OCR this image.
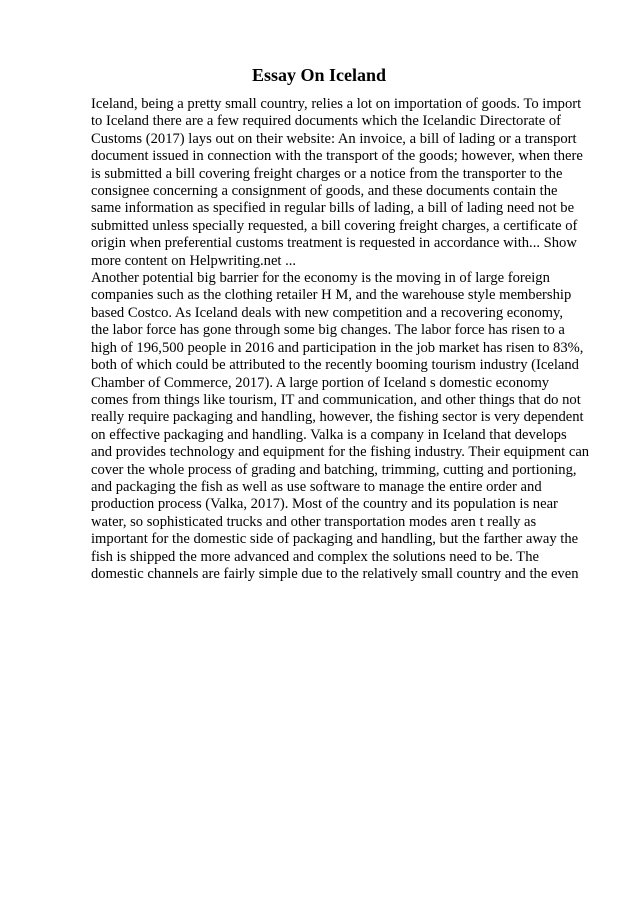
Essay On Iceland
Iceland, being a pretty small country, relies a lot on importation of goods. To import
to Iceland there are a few required documents which the Icelandic Directorate of
Customs (2017) lays out on their website: An invoice, a bill of lading or a transport
document issued in connection with the transport of the goods; however, when there
is submitted a bill covering freight charges or a notice from the transporter to the
consignee concerning a consignment of goods, and these documents contain the
same information as specified in regular bills of lading, a bill of lading need not be
submitted unless specially requested, a bill covering freight charges, a certificate of
origin when preferential customs treatment is requested in accordance with... Show
more content on Helpwriting.net ...
Another potential big barrier for the economy is the moving in of large foreign
companies such as the clothing retailer H M, and the warehouse style membership
based Costco. As Iceland deals with new competition and a recovering economy,
the labor force has gone through some big changes. The labor force has risen to a
high of 196,500 people in 2016 and participation in the job market has risen to 83%,
both of which could be attributed to the recently booming tourism industry (Iceland
Chamber of Commerce, 2017). A large portion of Iceland s domestic economy
comes from things like tourism, IT and communication, and other things that do not
really require packaging and handling, however, the fishing sector is very dependent
on effective packaging and handling. Valka is a company in Iceland that develops
and provides technology and equipment for the fishing industry. Their equipment can
cover the whole process of grading and batching, trimming, cutting and portioning,
and packaging the fish as well as use software to manage the entire order and
production process (Valka, 2017). Most of the country and its population is near
water, so sophisticated trucks and other transportation modes aren t really as
important for the domestic side of packaging and handling, but the farther away the
fish is shipped the more advanced and complex the solutions need to be. The
domestic channels are fairly simple due to the relatively small country and the even
